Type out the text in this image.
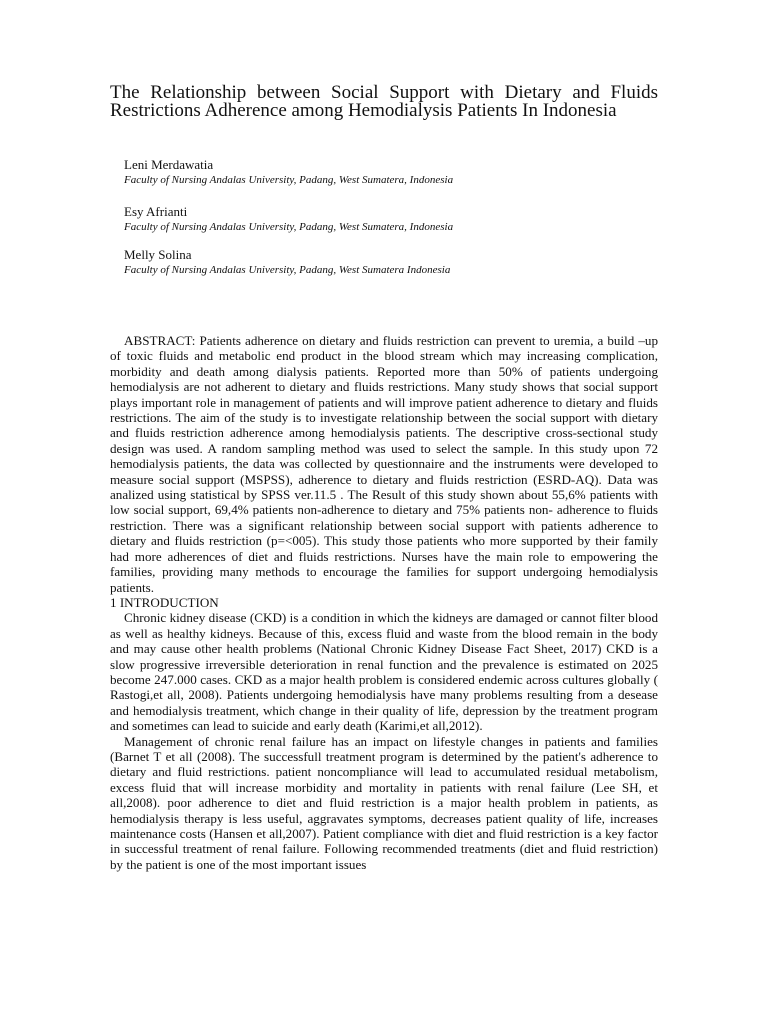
The Relationship between Social Support with Dietary and Fluids Restrictions Adherence among Hemodialysis Patients In Indonesia
Leni Merdawatia
Faculty of Nursing Andalas University, Padang, West Sumatera, Indonesia
Esy Afrianti
Faculty of Nursing Andalas University, Padang, West Sumatera, Indonesia
Melly Solina
Faculty of Nursing Andalas University, Padang, West Sumatera Indonesia

ABSTRACT: Patients adherence on dietary and fluids restriction can prevent to uremia, a build –up of toxic fluids and metabolic end product in the blood stream which may increasing complication, morbidity and death among dialysis patients. Reported more than 50% of patients undergoing hemodialysis are not adherent to dietary and fluids restrictions. Many study shows that social support plays important role in management of patients and will improve patient adherence to dietary and fluids restrictions. The aim of the study is to investigate relationship between the social support with dietary and fluids restriction adherence among hemodialysis patients. The descriptive cross-sectional study design was used. A random sampling method was used to select the sample. In this study upon 72 hemodialysis patients, the data was collected by questionnaire and the instruments were developed to measure social support (MSPSS), adherence to dietary and fluids restriction (ESRD-AQ). Data was analized using statistical by SPSS ver.11.5 . The Result of this study shown about 55,6% patients with low social support, 69,4% patients non-adherence to dietary and 75% patients non- adherence to fluids restriction. There was a significant relationship between social support with patients adherence to dietary and fluids restriction (p=<005). This study those patients who more supported by their family had more adherences of diet and fluids restrictions. Nurses have the main role to empowering the families, providing many methods to encourage the families for support undergoing hemodialysis patients.

1 INTRODUCTION

Chronic kidney disease (CKD) is a condition in which the kidneys are damaged or cannot filter blood as well as healthy kidneys. Because of this, excess fluid and waste from the blood remain in the body and may cause other health problems (National Chronic Kidney Disease Fact Sheet, 2017) CKD is a slow progressive irreversible deterioration in renal function and the prevalence is estimated on 2025 become 247.000 cases. CKD as a major health problem is considered endemic across cultures globally ( Rastogi,et all, 2008). Patients undergoing hemodialysis have many problems resulting from a desease and hemodialysis treatment, which change in their quality of life, depression by the treatment program and sometimes can lead to suicide and early death (Karimi,et all,2012).

Management of chronic renal failure has an impact on lifestyle changes in patients and families (Barnet T et all (2008). The successfull treatment program is determined by the patient's adherence to dietary and fluid restrictions. patient noncompliance will lead to accumulated residual metabolism, excess fluid that will increase morbidity and mortality in patients with renal failure (Lee SH, et all,2008). poor adherence to diet and fluid restriction is a major health problem in patients, as hemodialysis therapy is less useful, aggravates symptoms, decreases patient quality of life, increases maintenance costs (Hansen et all,2007). Patient compliance with diet and fluid restriction is a key factor in successful treatment of renal failure. Following recommended treatments (diet and fluid restriction) by the patient is one of the most important issues
